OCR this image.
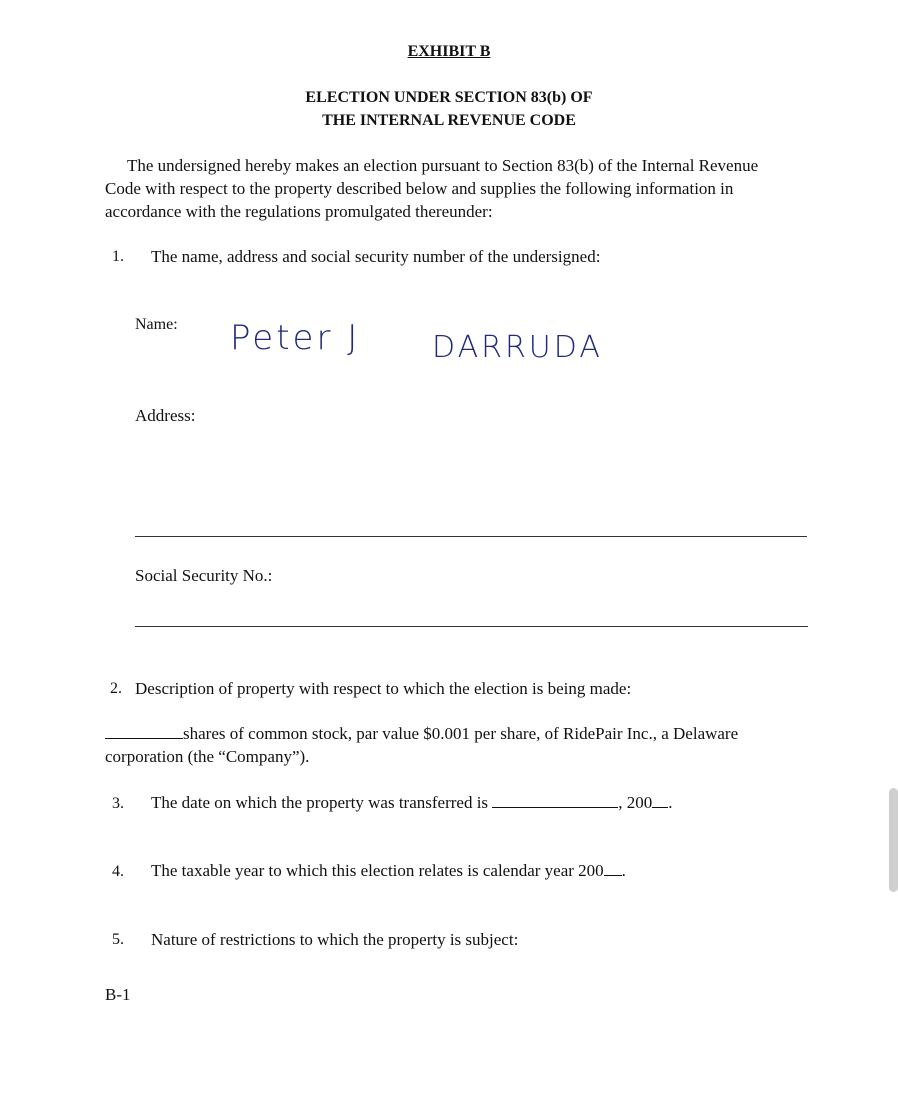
EXHIBIT B
ELECTION UNDER SECTION 83(b) OF
THE INTERNAL REVENUE CODE
The undersigned hereby makes an election pursuant to Section 83(b) of the Internal Revenue
Code with respect to the property described below and supplies the following information in
accordance with the regulations promulgated thereunder:
1. The name, address and social security number of the undersigned:
Name: Peter J DARRUDA
Address:
Social Security No.:
2. Description of property with respect to which the election is being made:
shares of common stock, par value $0.001 per share, of RidePair Inc., a Delaware
corporation (the “Company”).
3. The date on which the property was transferred is	, 200 .
4. The taxable year to which this election relates is calendar year 200 .
5. Nature of restrictions to which the property is subject:
B-1
